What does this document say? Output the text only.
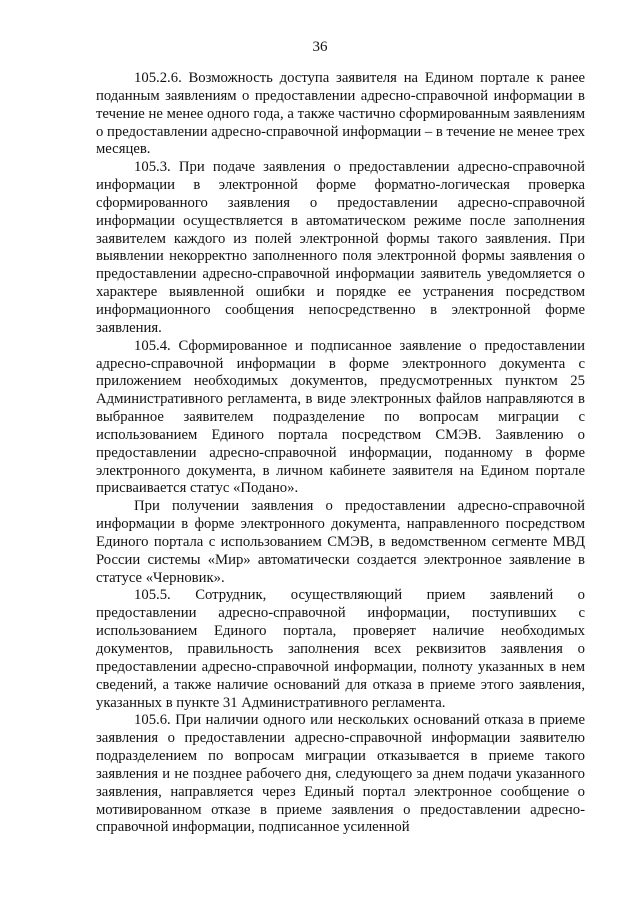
36

105.2.6. Возможность доступа заявителя на Едином портале к ранее поданным заявлениям о предоставлении адресно-справочной информации в течение не менее одного года, а также частично сформированным заявлениям о предоставлении адресно-справочной информации – в течение не менее трех месяцев.

105.3. При подаче заявления о предоставлении адресно-справочной информации в электронной форме форматно-логическая проверка сформированного заявления о предоставлении адресно-справочной информации осуществляется в автоматическом режиме после заполнения заявителем каждого из полей электронной формы такого заявления. При выявлении некорректно заполненного поля электронной формы заявления о предоставлении адресно-справочной информации заявитель уведомляется о характере выявленной ошибки и порядке ее устранения посредством информационного сообщения непосредственно в электронной форме заявления.

105.4. Сформированное и подписанное заявление о предоставлении адресно-справочной информации в форме электронного документа с приложением необходимых документов, предусмотренных пунктом 25 Административного регламента, в виде электронных файлов направляются в выбранное заявителем подразделение по вопросам миграции с использованием Единого портала посредством СМЭВ. Заявлению о предоставлении адресно-справочной информации, поданному в форме электронного документа, в личном кабинете заявителя на Едином портале присваивается статус «Подано».

При получении заявления о предоставлении адресно-справочной информации в форме электронного документа, направленного посредством Единого портала с использованием СМЭВ, в ведомственном сегменте МВД России системы «Мир» автоматически создается электронное заявление в статусе «Черновик».

105.5. Сотрудник, осуществляющий прием заявлений о предоставлении адресно-справочной информации, поступивших с использованием Единого портала, проверяет наличие необходимых документов, правильность заполнения всех реквизитов заявления о предоставлении адресно-справочной информации, полноту указанных в нем сведений, а также наличие оснований для отказа в приеме этого заявления, указанных в пункте 31 Административного регламента.

105.6. При наличии одного или нескольких оснований отказа в приеме заявления о предоставлении адресно-справочной информации заявителю подразделением по вопросам миграции отказывается в приеме такого заявления и не позднее рабочего дня, следующего за днем подачи указанного заявления, направляется через Единый портал электронное сообщение о мотивированном отказе в приеме заявления о предоставлении адресно-справочной информации, подписанное усиленной
